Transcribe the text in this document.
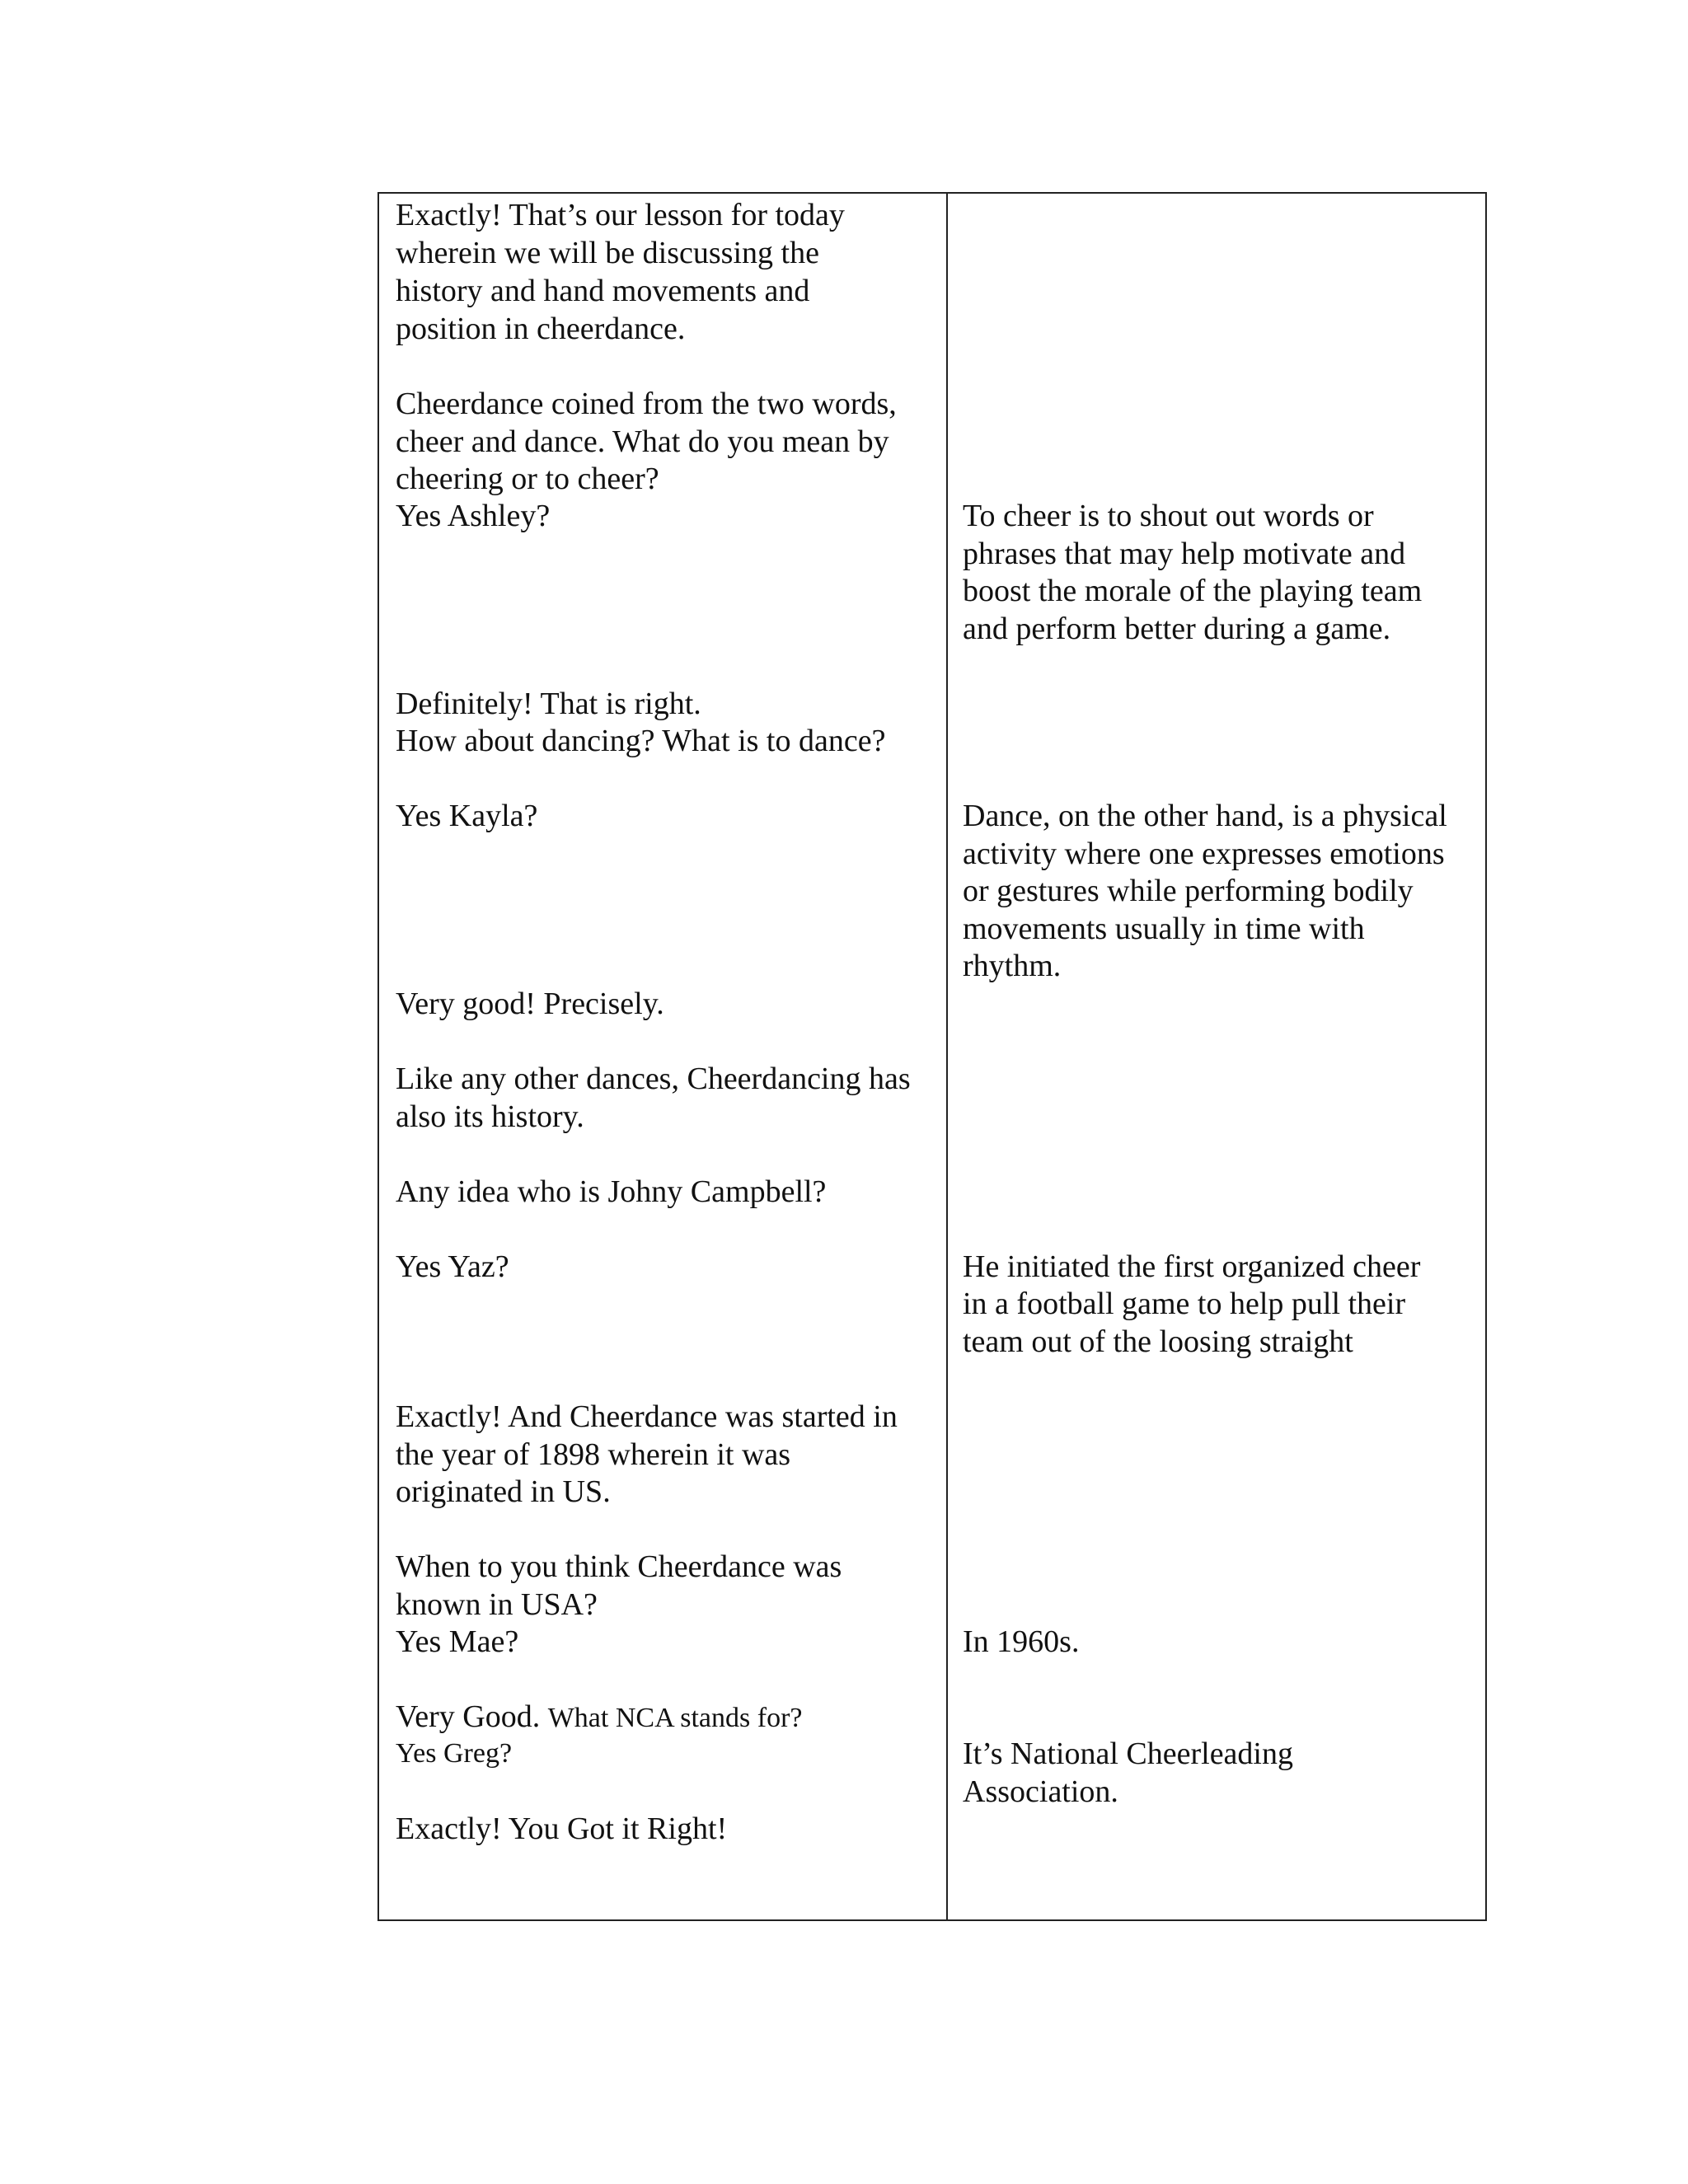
Exactly! That’s our lesson for today
wherein we will be discussing the
history and hand movements and
position in cheerdance.
Cheerdance coined from the two words,
cheer and dance. What do you mean by
cheering or to cheer?
Yes Ashley?
Definitely! That is right.
How about dancing? What is to dance?
Yes Kayla?
Very good! Precisely.
Like any other dances, Cheerdancing has
also its history.
Any idea who is Johny Campbell?
Yes Yaz?
Exactly! And Cheerdance was started in
the year of 1898 wherein it was
originated in US.
When to you think Cheerdance was
known in USA?
Yes Mae?
Very Good. What NCA stands for?
Yes Greg?
Exactly! You Got it Right!
To cheer is to shout out words or
phrases that may help motivate and
boost the morale of the playing team
and perform better during a game.
Dance, on the other hand, is a physical
activity where one expresses emotions
or gestures while performing bodily
movements usually in time with
rhythm.
He initiated the first organized cheer
in a football game to help pull their
team out of the loosing straight
In 1960s.
It’s National Cheerleading
Association.
